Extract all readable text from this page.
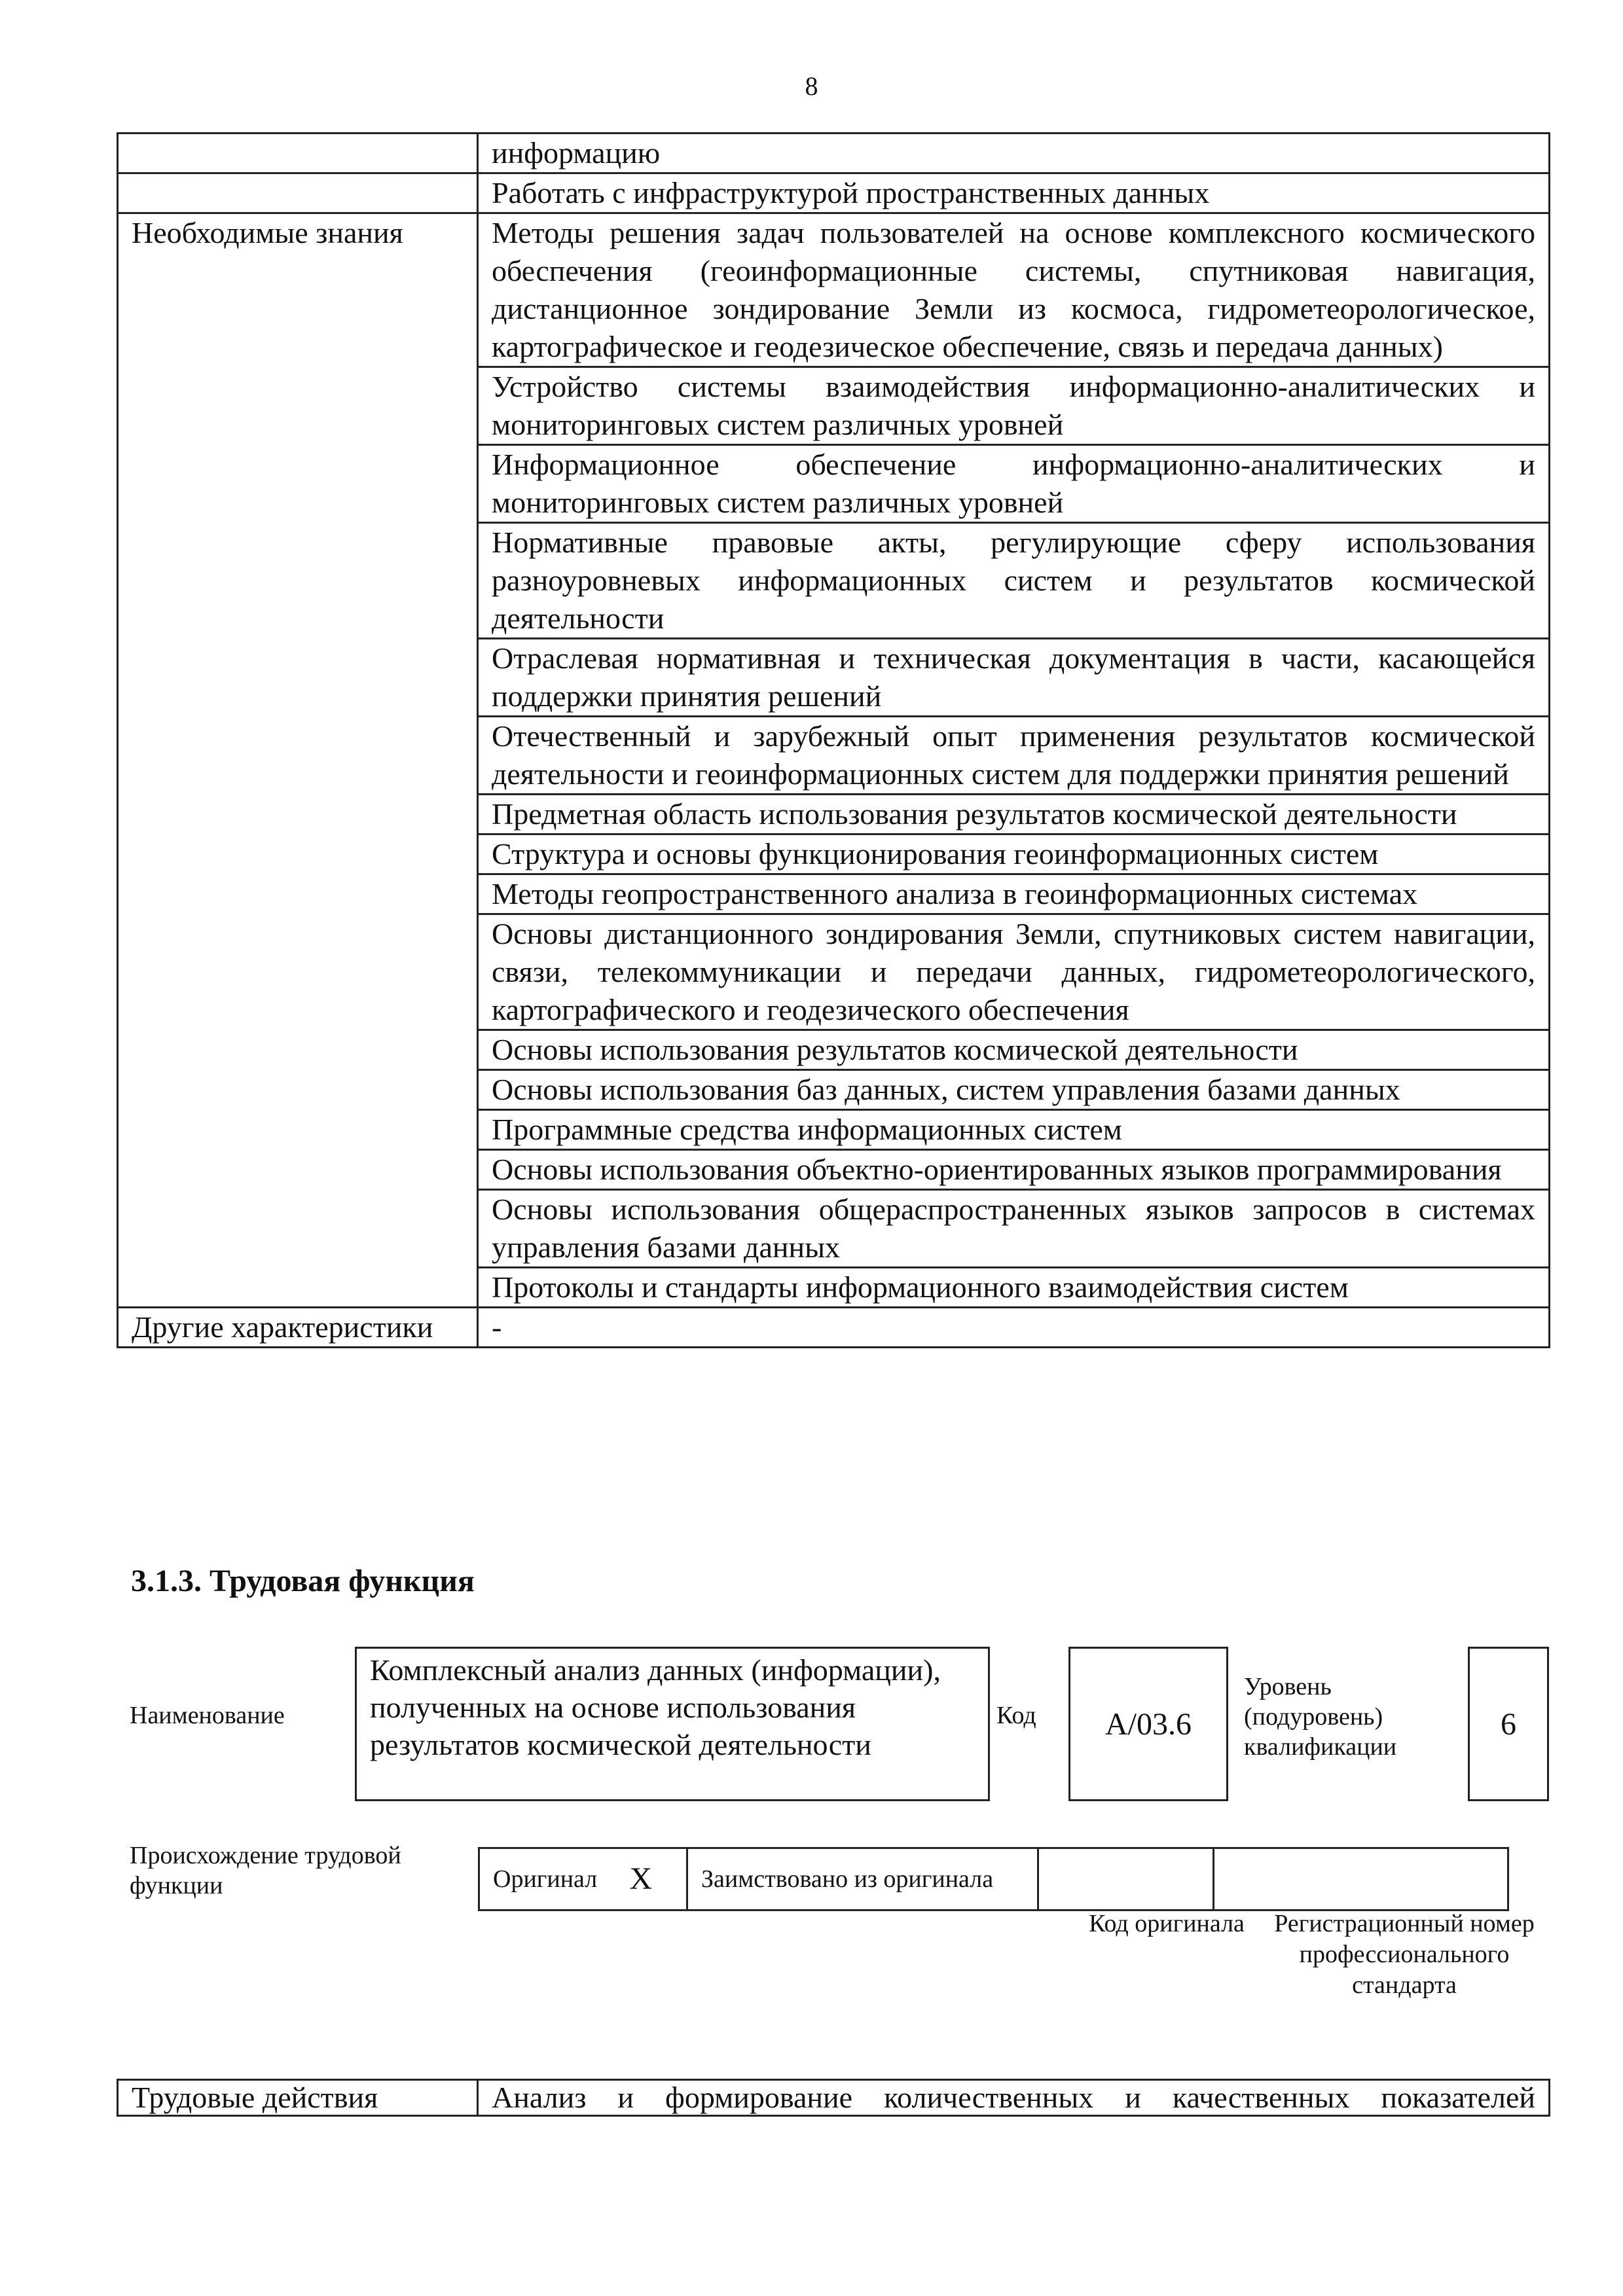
8
	информацию
	Работать с инфраструктурой пространственных данных
Необходимые знания	Методы решения задач пользователей на основе комплексного космического обеспечения (геоинформационные системы, спутниковая навигация, дистанционное зондирование Земли из космоса, гидрометеорологическое, картографическое и геодезическое обеспечение, связь и передача данных)
	Устройство системы взаимодействия информационно-аналитических и мониторинговых систем различных уровней
	Информационное обеспечение информационно-аналитических и мониторинговых систем различных уровней
	Нормативные правовые акты, регулирующие сферу использования разноуровневых информационных систем и результатов космической деятельности
	Отраслевая нормативная и техническая документация в части, касающейся поддержки принятия решений
	Отечественный и зарубежный опыт применения результатов космической деятельности и геоинформационных систем для поддержки принятия решений
	Предметная область использования результатов космической деятельности
	Структура и основы функционирования геоинформационных систем
	Методы геопространственного анализа в геоинформационных системах
	Основы дистанционного зондирования Земли, спутниковых систем навигации, связи, телекоммуникации и передачи данных, гидрометеорологического, картографического и геодезического обеспечения
	Основы использования результатов космической деятельности
	Основы использования баз данных, систем управления базами данных
	Программные средства информационных систем
	Основы использования объектно-ориентированных языков программирования
	Основы использования общераспространенных языков запросов в системах управления базами данных
	Протоколы и стандарты информационного взаимодействия систем
Другие характеристики	-
3.1.3. Трудовая функция
Наименование
Комплексный анализ данных (информации), полученных на основе использования результатов космической деятельности
Код	А/03.6
Уровень (подуровень) квалификации
6
Происхождение трудовой функции	Оригинал	X	Заимствовано из оригинала		
Код оригинала	Регистрационный номер профессионального стандарта
Трудовые действия	Анализ и формирование количественных и качественных показателей
